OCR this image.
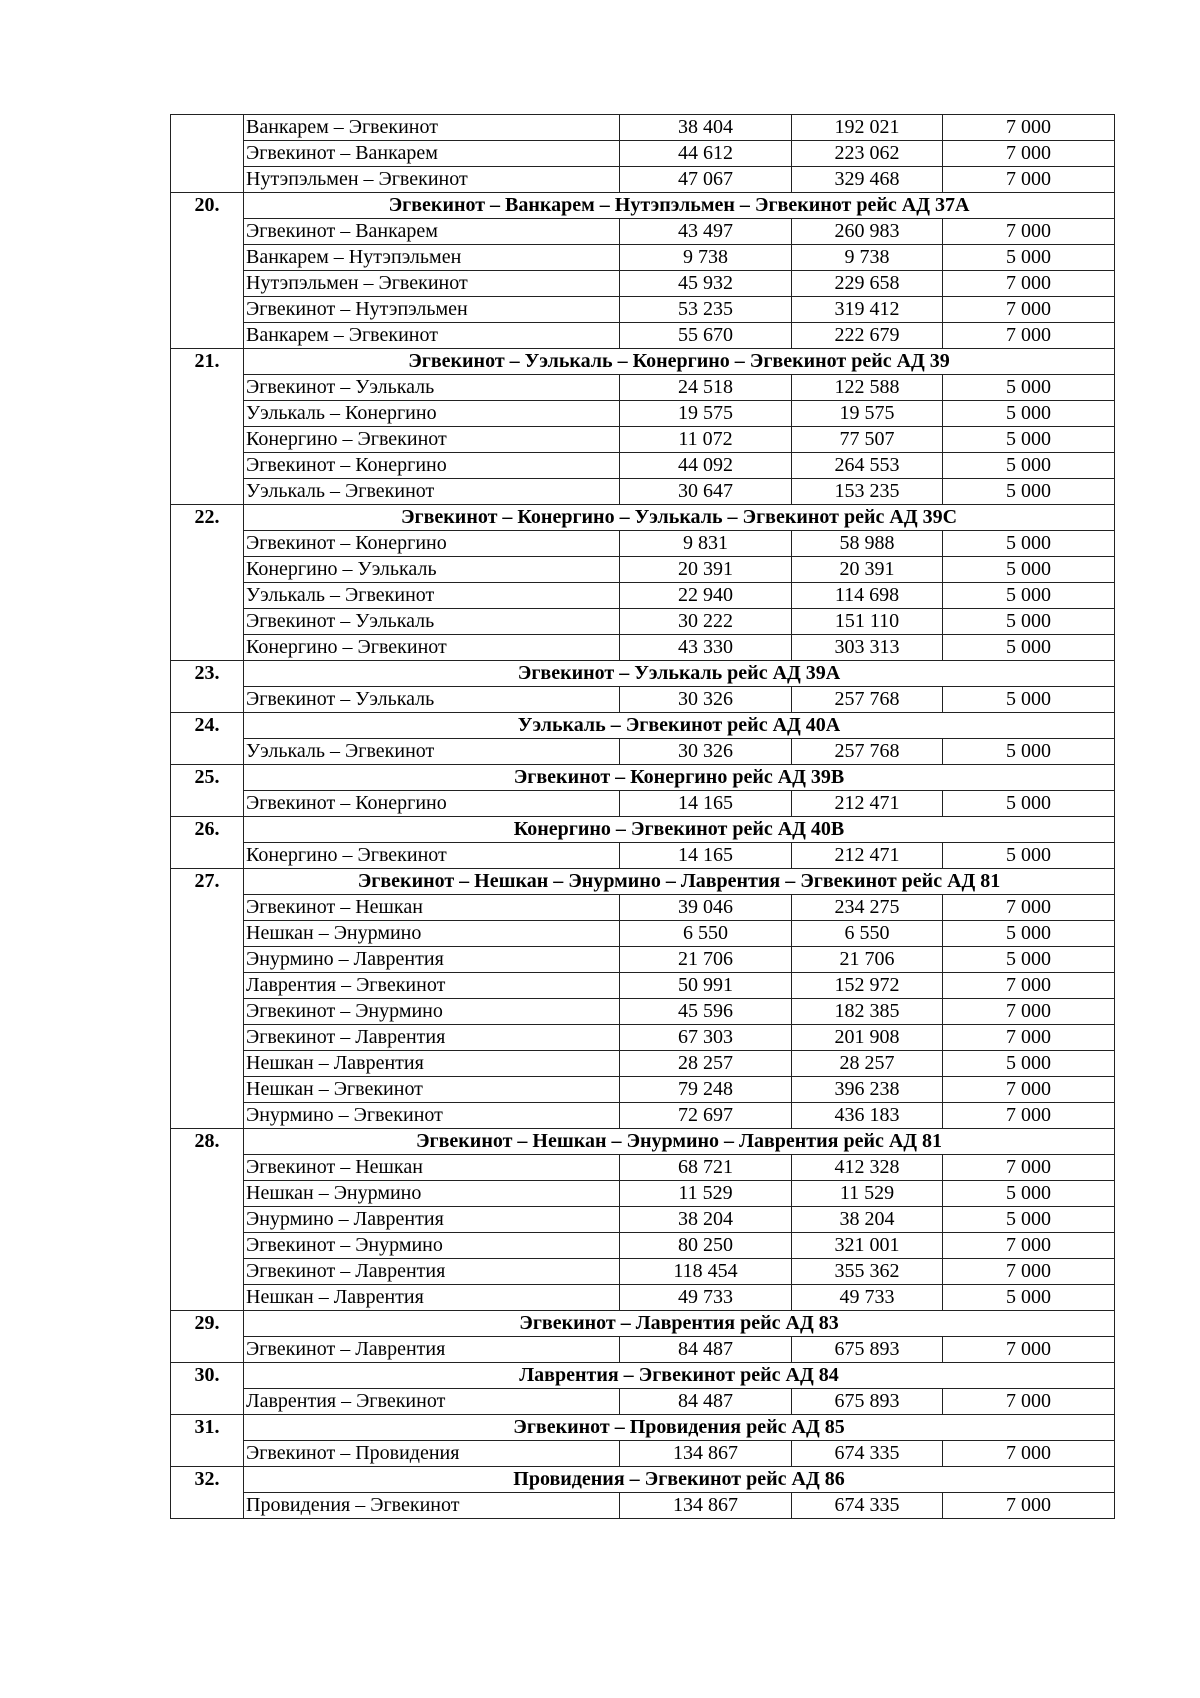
	Ванкарем – Эгвекинот	38 404	192 021	7 000
	Эгвекинот – Ванкарем	44 612	223 062	7 000
	Нутэпэльмен – Эгвекинот	47 067	329 468	7 000
20.	Эгвекинот – Ванкарем – Нутэпэльмен – Эгвекинот рейс АД 37А			
	Эгвекинот – Ванкарем	43 497	260 983	7 000
	Ванкарем – Нутэпэльмен	9 738	9 738	5 000
	Нутэпэльмен – Эгвекинот	45 932	229 658	7 000
	Эгвекинот – Нутэпэльмен	53 235	319 412	7 000
	Ванкарем – Эгвекинот	55 670	222 679	7 000
21.	Эгвекинот – Уэлькаль – Конергино – Эгвекинот рейс АД 39			
	Эгвекинот – Уэлькаль	24 518	122 588	5 000
	Уэлькаль – Конергино	19 575	19 575	5 000
	Конергино – Эгвекинот	11 072	77 507	5 000
	Эгвекинот – Конергино	44 092	264 553	5 000
	Уэлькаль – Эгвекинот	30 647	153 235	5 000
22.	Эгвекинот – Конергино – Уэлькаль – Эгвекинот рейс АД 39С			
	Эгвекинот – Конергино	9 831	58 988	5 000
	Конергино – Уэлькаль	20 391	20 391	5 000
	Уэлькаль – Эгвекинот	22 940	114 698	5 000
	Эгвекинот – Уэлькаль	30 222	151 110	5 000
	Конергино – Эгвекинот	43 330	303 313	5 000
23.	Эгвекинот – Уэлькаль рейс АД 39А			
	Эгвекинот – Уэлькаль	30 326	257 768	5 000
24.	Уэлькаль – Эгвекинот рейс АД 40А			
	Уэлькаль – Эгвекинот	30 326	257 768	5 000
25.	Эгвекинот – Конергино рейс АД 39В			
	Эгвекинот – Конергино	14 165	212 471	5 000
26.	Конергино – Эгвекинот рейс АД 40В			
	Конергино – Эгвекинот	14 165	212 471	5 000
27.	Эгвекинот – Нешкан – Энурмино – Лаврентия – Эгвекинот рейс АД 81			
	Эгвекинот – Нешкан	39 046	234 275	7 000
	Нешкан – Энурмино	6 550	6 550	5 000
	Энурмино – Лаврентия	21 706	21 706	5 000
	Лаврентия – Эгвекинот	50 991	152 972	7 000
	Эгвекинот – Энурмино	45 596	182 385	7 000
	Эгвекинот – Лаврентия	67 303	201 908	7 000
	Нешкан – Лаврентия	28 257	28 257	5 000
	Нешкан – Эгвекинот	79 248	396 238	7 000
	Энурмино – Эгвекинот	72 697	436 183	7 000
28.	Эгвекинот – Нешкан – Энурмино – Лаврентия рейс АД 81			
	Эгвекинот – Нешкан	68 721	412 328	7 000
	Нешкан – Энурмино	11 529	11 529	5 000
	Энурмино – Лаврентия	38 204	38 204	5 000
	Эгвекинот – Энурмино	80 250	321 001	7 000
	Эгвекинот – Лаврентия	118 454	355 362	7 000
	Нешкан – Лаврентия	49 733	49 733	5 000
29.	Эгвекинот – Лаврентия рейс АД 83			
	Эгвекинот – Лаврентия	84 487	675 893	7 000
30.	Лаврентия – Эгвекинот рейс АД 84			
	Лаврентия – Эгвекинот	84 487	675 893	7 000
31.	Эгвекинот – Провидения рейс АД 85			
	Эгвекинот – Провидения	134 867	674 335	7 000
32.	Провидения – Эгвекинот рейс АД 86			
	Провидения – Эгвекинот	134 867	674 335	7 000
